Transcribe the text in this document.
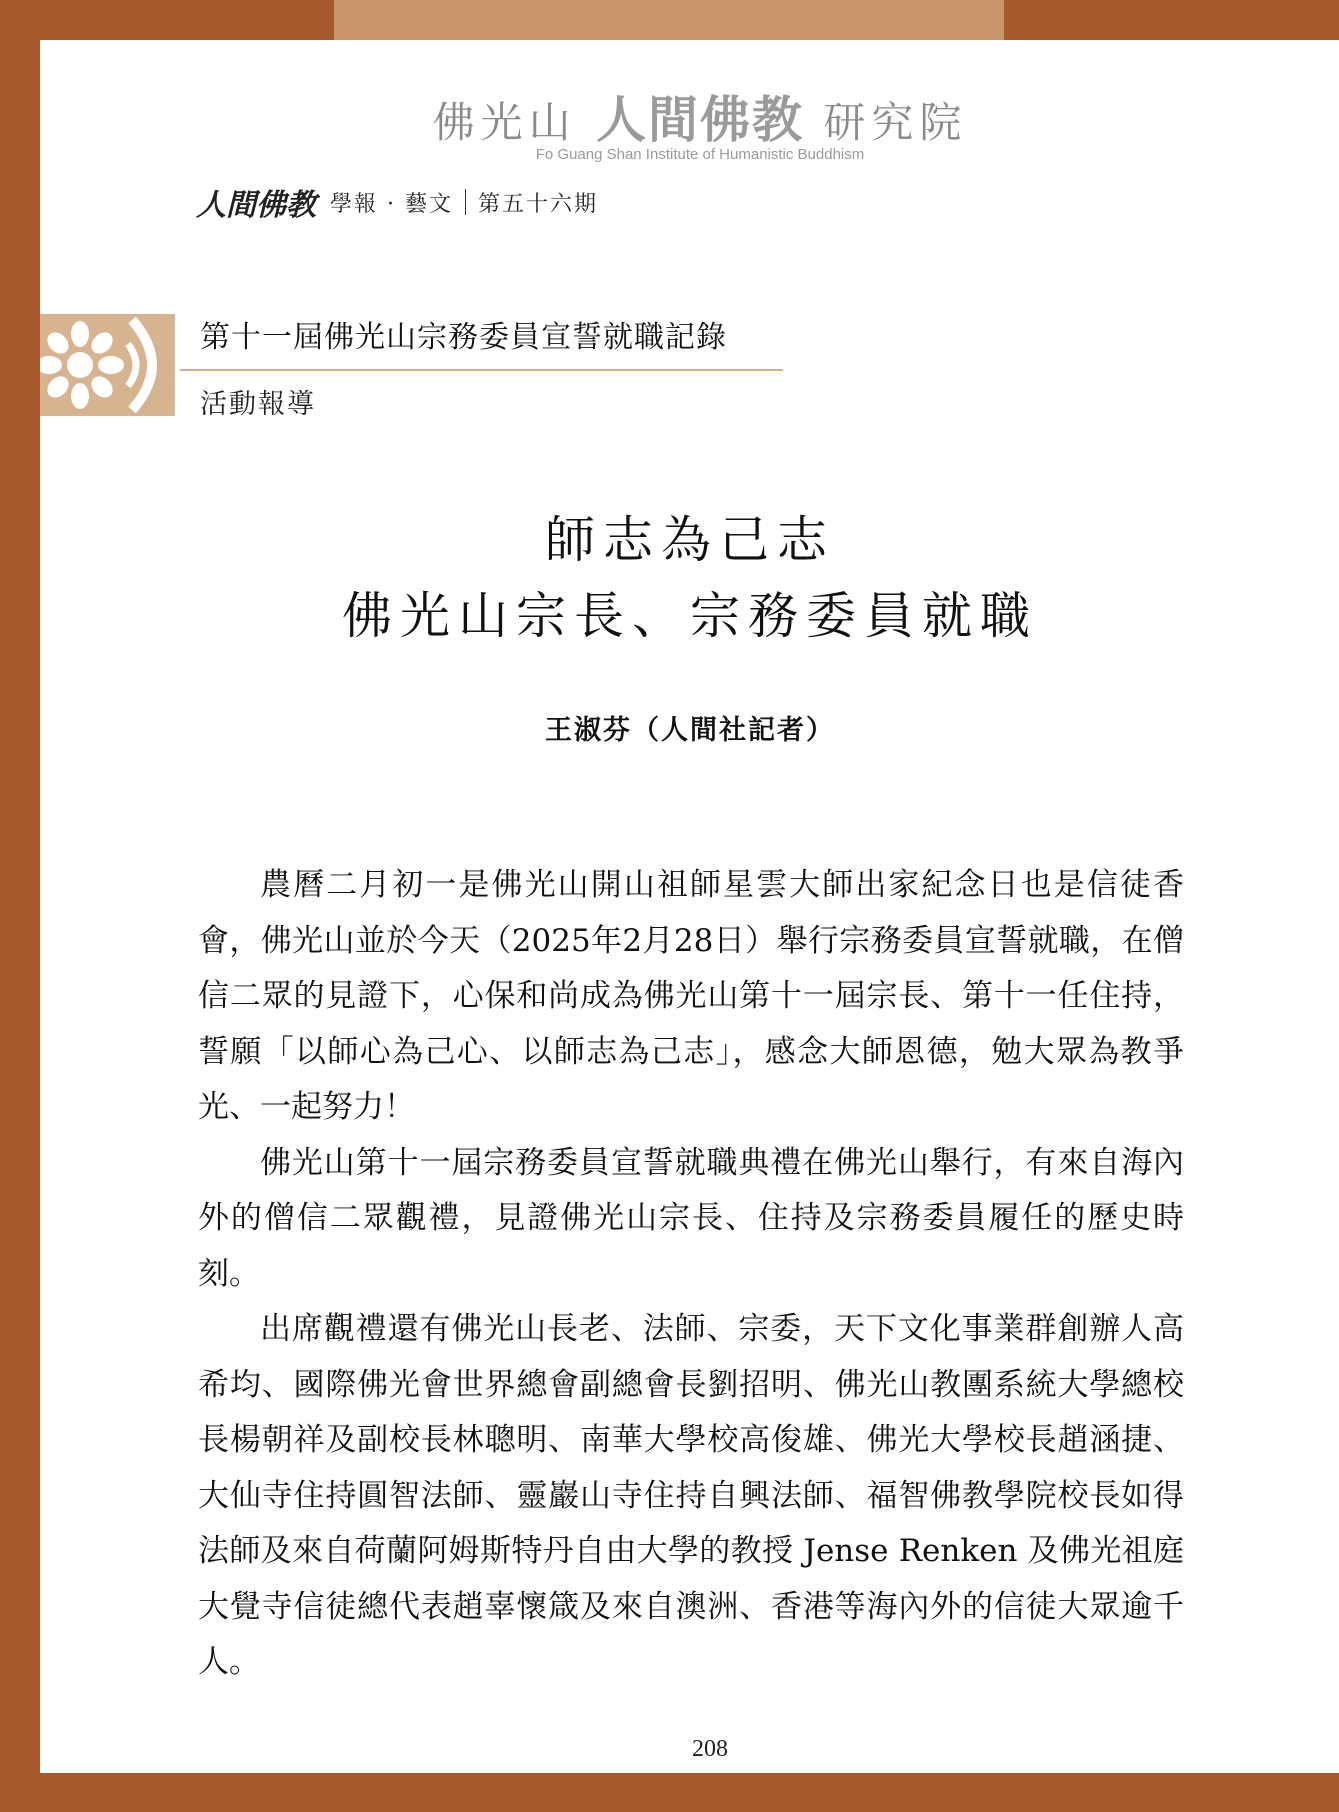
佛光山 人間佛教 研究院
Fo Guang Shan Institute of Humanistic Buddhism
人間佛教 學報 · 藝文 第五十六期
第十一屆佛光山宗務委員宣誓就職記錄
活動報導
師志為己志
佛光山宗長、宗務委員就職
王淑芬（人間社記者）

農曆二月初一是佛光山開山祖師星雲大師出家紀念日也是信徒香會，佛光山並於今天（2025年2月28日）舉行宗務委員宣誓就職，在僧信二眾的見證下，心保和尚成為佛光山第十一屆宗長、第十一任住持，誓願「以師心為己心、以師志為己志」，感念大師恩德，勉大眾為教爭光、一起努力！

佛光山第十一屆宗務委員宣誓就職典禮在佛光山舉行，有來自海內外的僧信二眾觀禮，見證佛光山宗長、住持及宗務委員履任的歷史時刻。

出席觀禮還有佛光山長老、法師、宗委，天下文化事業群創辦人高希均、國際佛光會世界總會副總會長劉招明、佛光山教團系統大學總校長楊朝祥及副校長林聰明、南華大學校高俊雄、佛光大學校長趙涵捷、大仙寺住持圓智法師、靈巖山寺住持自興法師、福智佛教學院校長如得法師及來自荷蘭阿姆斯特丹自由大學的教授 Jense Renken 及佛光祖庭大覺寺信徒總代表趙辜懷箴及來自澳洲、香港等海內外的信徒大眾逾千人。

208
